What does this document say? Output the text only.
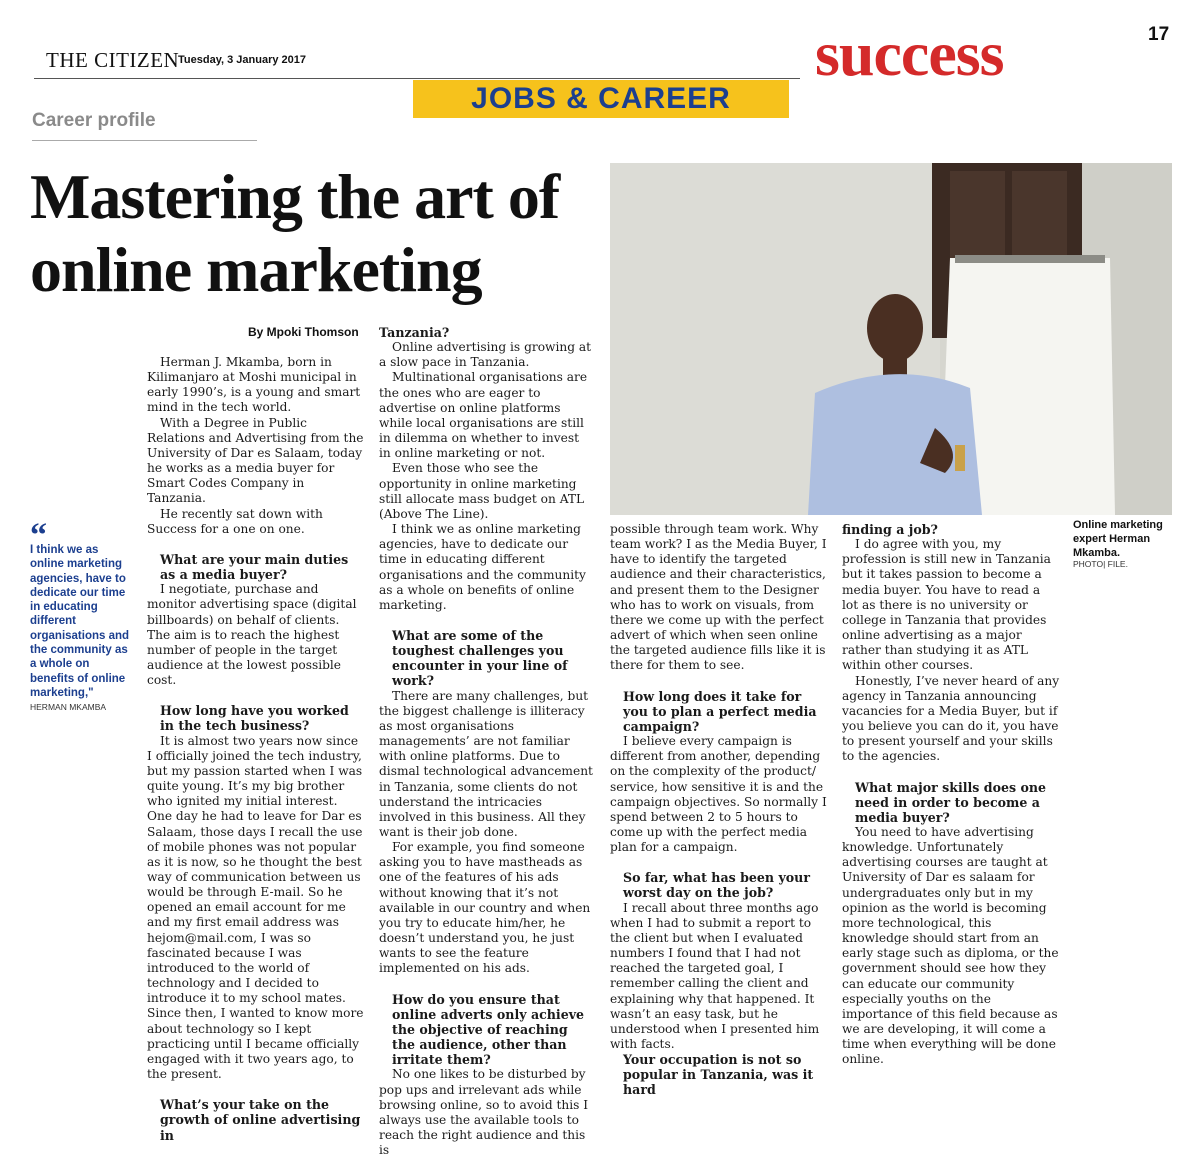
THE CITIZEN
Tuesday, 3 January 2017	success	17
JOBS & CAREER
Career profile
Mastering the art of online marketing
By Mpoki Thomson
Online marketing expert Herman Mkamba.
PHOTO| FILE.
“
I think we as online marketing agencies, have to dedicate our time in educating different organisations and the community as a whole on benefits of online marketing,"
HERMAN MKAMBA

Herman J. Mkamba, born in Kilimanjaro at Moshi municipal in early 1990’s, is a young and smart mind in the tech world.

With a Degree in Public Relations and Advertising from the University of Dar es Salaam, today he works as a media buyer for Smart Codes Company in Tanzania.

He recently sat down with Success for a one on one.

What are your main duties as a media buyer?

I negotiate, purchase and monitor advertising space (digital billboards) on behalf of clients. The aim is to reach the highest number of people in the target audience at the lowest possible cost.

How long have you worked in the tech business?

It is almost two years now since I officially joined the tech industry, but my passion started when I was quite young. It’s my big brother who ignited my initial interest. One day he had to leave for Dar es Salaam, those days I recall the use of mobile phones was not popular as it is now, so he thought the best way of communication between us would be through E-mail. So he opened an email account for me and my first email address was hejom@mail.com, I was so fascinated because I was introduced to the world of technology and I decided to introduce it to my school mates. Since then, I wanted to know more about technology so I kept practicing until I became officially engaged with it two years ago, to the present.

What’s your take on the growth of online advertising in
Tanzania?

Online advertising is growing at a slow pace in Tanzania.

Multinational organisations are the ones who are eager to advertise on online platforms while local organisations are still in dilemma on whether to invest in online marketing or not.

Even those who see the opportunity in online marketing still allocate mass budget on ATL (Above The Line).

I think we as online marketing agencies, have to dedicate our time in educating different organisations and the community as a whole on benefits of online marketing.

What are some of the toughest challenges you encounter in your line of work?

There are many challenges, but the biggest challenge is illiteracy as most organisations managements’ are not familiar with online platforms. Due to dismal technological advancement in Tanzania, some clients do not understand the intricacies involved in this business. All they want is their job done.

For example, you find someone asking you to have mastheads as one of the features of his ads without knowing that it’s not available in our country and when you try to educate him/her, he doesn’t understand you, he just wants to see the feature implemented on his ads.

How do you ensure that online adverts only achieve the objective of reaching the audience, other than irritate them?

No one likes to be disturbed by pop ups and irrelevant ads while browsing online, so to avoid this I always use the available tools to reach the right audience and this is

possible through team work. Why team work? I as the Media Buyer, I have to identify the targeted audience and their characteristics, and present them to the Designer who has to work on visuals, from there we come up with the perfect advert of which when seen online the targeted audience fills like it is there for them to see.

How long does it take for you to plan a perfect media campaign?

I believe every campaign is different from another, depending on the complexity of the product/ service, how sensitive it is and the campaign objectives. So normally I spend between 2 to 5 hours to come up with the perfect media plan for a campaign.

So far, what has been your worst day on the job?

I recall about three months ago when I had to submit a report to the client but when I evaluated numbers I found that I had not reached the targeted goal, I remember calling the client and explaining why that happened. It wasn’t an easy task, but he understood when I presented him with facts.

Your occupation is not so popular in Tanzania, was it hard
finding a job?

I do agree with you, my profession is still new in Tanzania but it takes passion to become a media buyer. You have to read a lot as there is no university or college in Tanzania that provides online advertising as a major rather than studying it as ATL within other courses.

Honestly, I’ve never heard of any agency in Tanzania announcing vacancies for a Media Buyer, but if you believe you can do it, you have to present yourself and your skills to the agencies.

What major skills does one need in order to become a media buyer?

You need to have advertising knowledge. Unfortunately advertising courses are taught at University of Dar es salaam for undergraduates only but in my opinion as the world is becoming more technological, this knowledge should start from an early stage such as diploma, or the government should see how they can educate our community especially youths on the importance of this field because as we are developing, it will come a time when everything will be done online.
